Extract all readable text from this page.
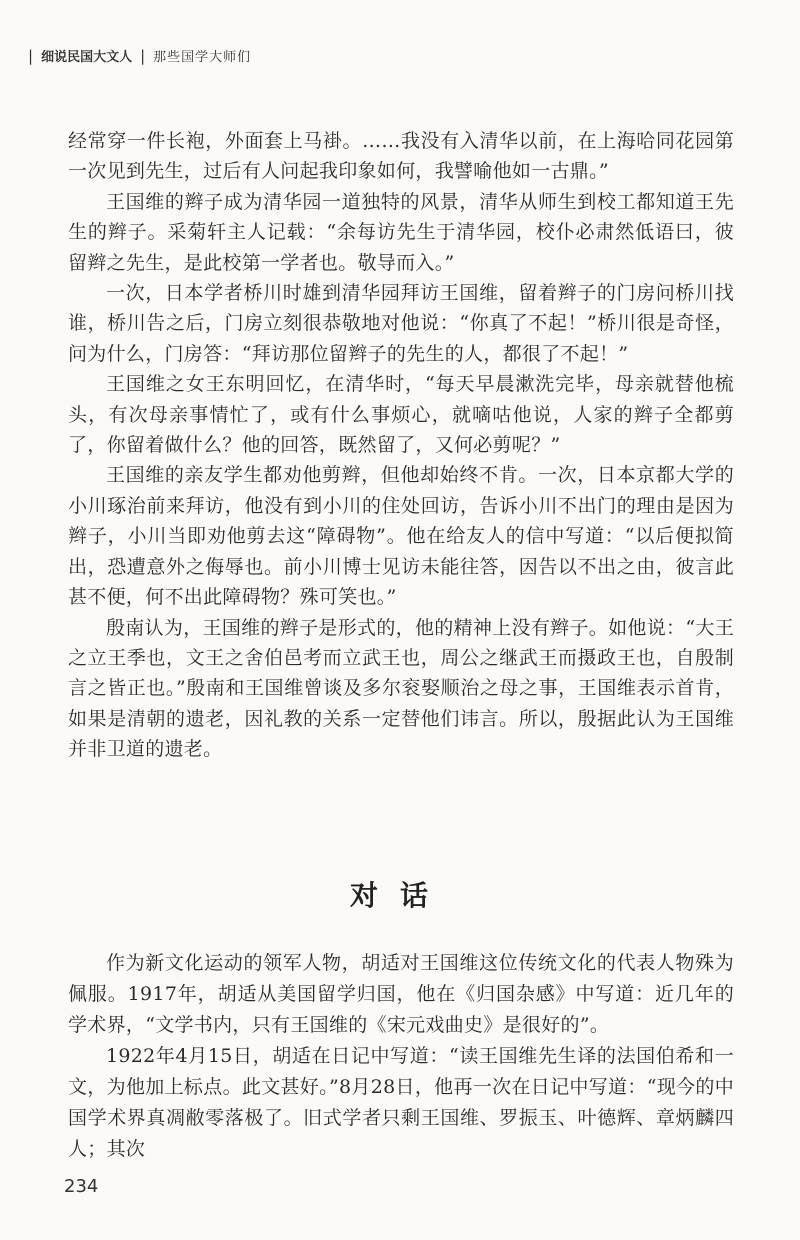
| 细说民国大文人 | 那些国学大师们

经常穿一件长袍，外面套上马褂。……我没有入清华以前，在上海哈同花园第一次见到先生，过后有人问起我印象如何，我譬喻他如一古鼎。”

王国维的辫子成为清华园一道独特的风景，清华从师生到校工都知道王先生的辫子。采菊轩主人记载：“余每访先生于清华园，校仆必肃然低语曰，彼留辫之先生，是此校第一学者也。敬导而入。”

一次，日本学者桥川时雄到清华园拜访王国维，留着辫子的门房问桥川找谁，桥川告之后，门房立刻很恭敬地对他说：“你真了不起！”桥川很是奇怪，问为什么，门房答：“拜访那位留辫子的先生的人，都很了不起！”

王国维之女王东明回忆，在清华时，“每天早晨漱洗完毕，母亲就替他梳头，有次母亲事情忙了，或有什么事烦心，就嘀咕他说，人家的辫子全都剪了，你留着做什么？他的回答，既然留了，又何必剪呢？”

王国维的亲友学生都劝他剪辫，但他却始终不肯。一次，日本京都大学的小川琢治前来拜访，他没有到小川的住处回访，告诉小川不出门的理由是因为辫子，小川当即劝他剪去这“障碍物”。他在给友人的信中写道：“以后便拟简出，恐遭意外之侮辱也。前小川博士见访未能往答，因告以不出之由，彼言此甚不便，何不出此障碍物？殊可笑也。”

殷南认为，王国维的辫子是形式的，他的精神上没有辫子。如他说：“大王之立王季也，文王之舍伯邑考而立武王也，周公之继武王而摄政王也，自殷制言之皆正也。”殷南和王国维曾谈及多尔衮娶顺治之母之事，王国维表示首肯，如果是清朝的遗老，因礼教的关系一定替他们讳言。所以，殷据此认为王国维并非卫道的遗老。

对话

作为新文化运动的领军人物，胡适对王国维这位传统文化的代表人物殊为佩服。1917年，胡适从美国留学归国，他在《归国杂感》中写道：近几年的学术界，“文学书内，只有王国维的《宋元戏曲史》是很好的”。

1922年4月15日，胡适在日记中写道：“读王国维先生译的法国伯希和一文，为他加上标点。此文甚好。”8月28日，他再一次在日记中写道：“现今的中国学术界真凋敝零落极了。旧式学者只剩王国维、罗振玉、叶德辉、章炳麟四人；其次

234
